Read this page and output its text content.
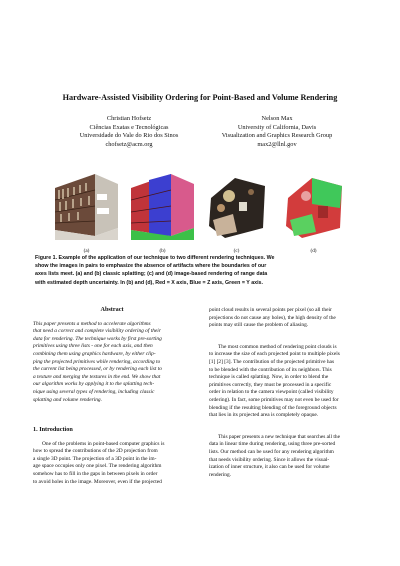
Hardware-Assisted Visibility Ordering for Point-Based and Volume Rendering
Christian Hofsetz
Ciências Exatas e Tecnológicas
Universidade do Vale do Rio dos Sinos
chofsetz@acm.org
Nelson Max
University of California, Davis
Visualization and Graphics Research Group
max2@llnl.gov
(a)	(b)	(c)	(d)
Figure 1. Example of the application of our technique to two different rendering techniques. We
show the images in pairs to emphasize the absence of artifacts where the boundaries of our
axes lists meet. (a) and (b) classic splatting; (c) and (d) image-based rendering of range data
with estimated depth uncertainty. In (b) and (d), Red = X axis, Blue = Z axis, Green = Y axis.
Abstract
This paper presents a method to accelerate algorithms
that need a correct and complete visibility ordering of their
data for rendering. The technique works by first pre-sorting
primitives using three lists - one for each axis, and then
combining them using graphics hardware, by either clip-
ping the projected primitives while rendering, according to
the current list being processed, or by rendering each list to
a texture and merging the textures in the end. We show that
our algorithm works by applying it to the splatting tech-
nique using several types of rendering, including classic
splatting and volume rendering.
1. Introduction
One of the problems in point-based computer graphics is
how to spread the contributions of the 2D projection from
a single 3D point. The projection of a 3D point in the im-
age space occupies only one pixel. The rendering algorithm
somehow has to fill in the gaps in between pixels in order
to avoid holes in the image. Moreover, even if the projected
point cloud results in several points per pixel (so all their
projections do not cause any holes), the high density of the
points may still cause the problem of aliasing.
The most common method of rendering point clouds is
to increase the size of each projected point to multiple pixels
[1] [2] [3]. The contribution of the projected primitive has
to be blended with the contribution of its neighbors. This
technique is called splatting. Now, in order to blend the
primitives correctly, they must be processed in a specific
order in relation to the camera viewpoint (called visibility
ordering). In fact, some primitives may not even be used for
blending if the resulting blending of the foreground objects
that lies in its projected area is completely opaque.
This paper presents a new technique that searches all the
data in linear time during rendering, using three pre-sorted
lists. Our method can be used for any rendering algorithm
that needs visibility ordering. Since it allows the visual-
ization of inner structure, it also can be used for volume
rendering.
